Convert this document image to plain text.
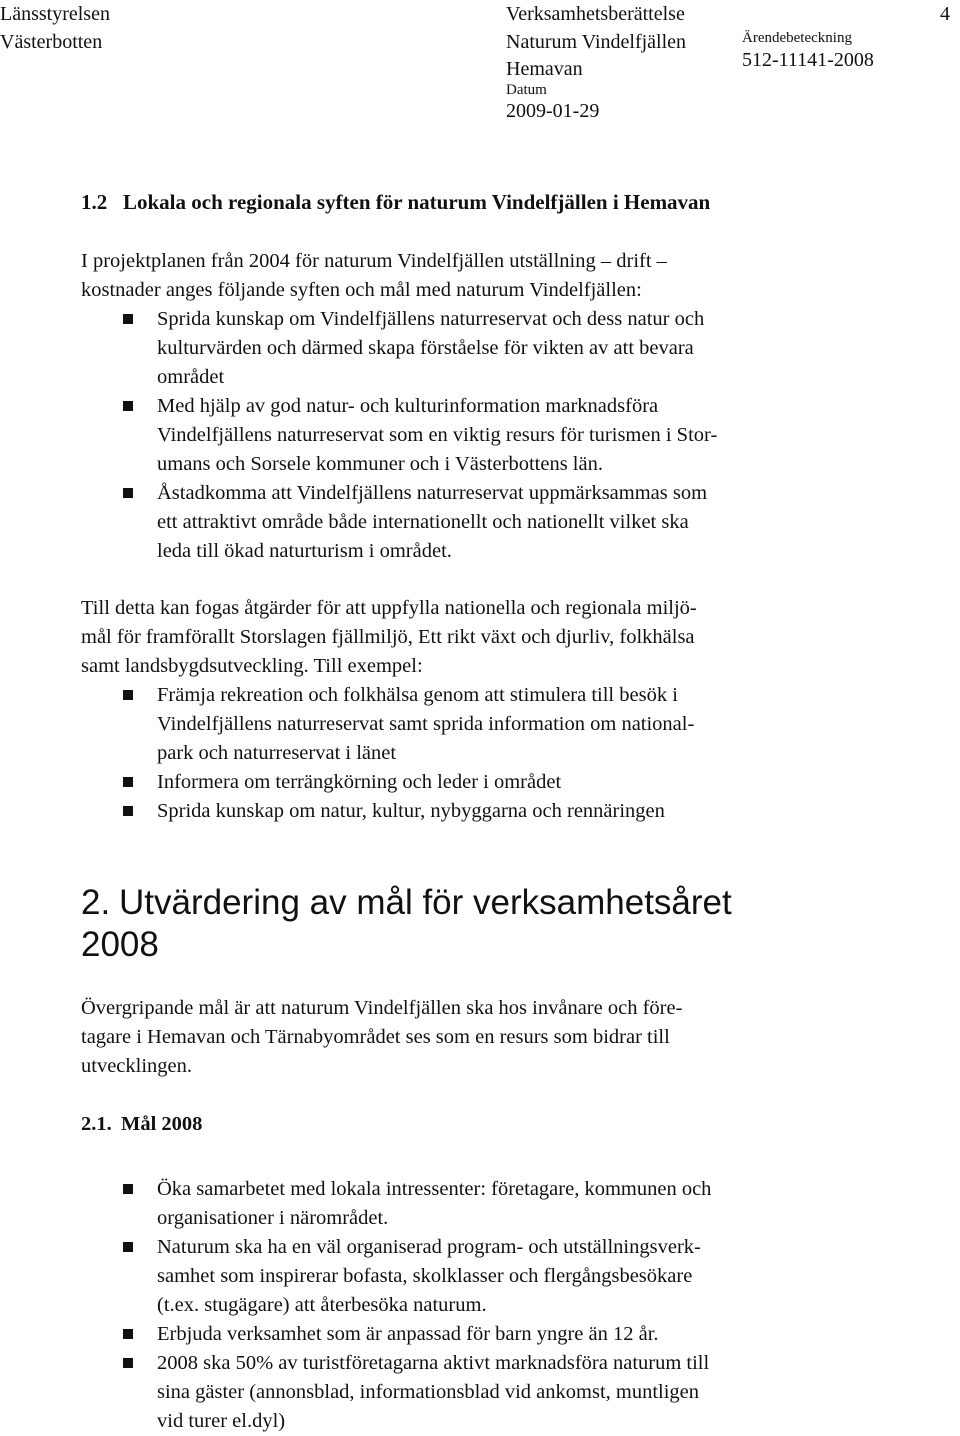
Länsstyrelsen
Västerbotten
Verksamhetsberättelse
Naturum Vindelfjällen
Hemavan
Datum
2009-01-29
Ärendebeteckning
512-11141-2008
4
1.2 Lokala och regionala syften för naturum Vindelfjällen i Hemavan
I projektplanen från 2004 för naturum Vindelfjällen utställning – drift –
kostnader anges följande syften och mål med naturum Vindelfjällen:
Sprida kunskap om Vindelfjällens naturreservat och dess natur och
kulturvärden och därmed skapa förståelse för vikten av att bevara
området
Med hjälp av god natur- och kulturinformation marknadsföra
Vindelfjällens naturreservat som en viktig resurs för turismen i Stor-
umans och Sorsele kommuner och i Västerbottens län.
Åstadkomma att Vindelfjällens naturreservat uppmärksammas som
ett attraktivt område både internationellt och nationellt vilket ska
leda till ökad naturturism i området.
Till detta kan fogas åtgärder för att uppfylla nationella och regionala miljö-
mål för framförallt Storslagen fjällmiljö, Ett rikt växt och djurliv, folkhälsa
samt landsbygdsutveckling. Till exempel:
Främja rekreation och folkhälsa genom att stimulera till besök i
Vindelfjällens naturreservat samt sprida information om national-
park och naturreservat i länet
Informera om terrängkörning och leder i området
Sprida kunskap om natur, kultur, nybyggarna och rennäringen
2. Utvärdering av mål för verksamhetsåret
2008
Övergripande mål är att naturum Vindelfjällen ska hos invånare och före-
tagare i Hemavan och Tärnabyområdet ses som en resurs som bidrar till
utvecklingen.
2.1. Mål 2008
Öka samarbetet med lokala intressenter: företagare, kommunen och
organisationer i närområdet.
Naturum ska ha en väl organiserad program- och utställningsverk-
samhet som inspirerar bofasta, skolklasser och flergångsbesökare
(t.ex. stugägare) att återbesöka naturum.
Erbjuda verksamhet som är anpassad för barn yngre än 12 år.
2008 ska 50% av turistföretagarna aktivt marknadsföra naturum till
sina gäster (annonsblad, informationsblad vid ankomst, muntligen
vid turer el.dyl)
